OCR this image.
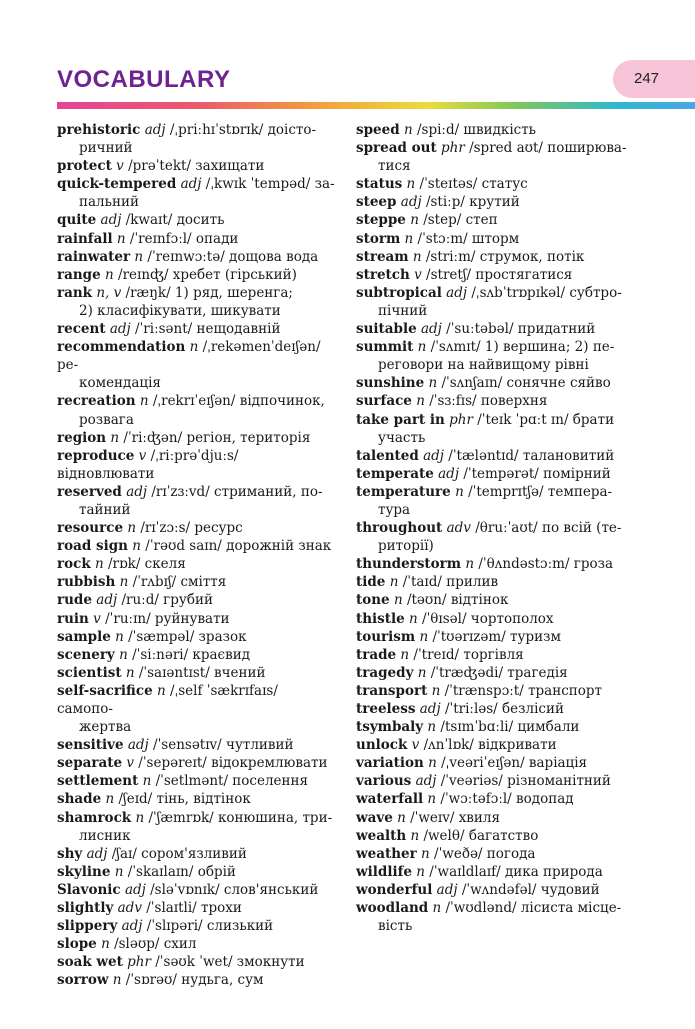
VOCABULARY	247
prehistoric adj /ˌpriːhɪˈstɒrɪk/ доісто-
ричний
protect v /prəˈtekt/ захищати
quick-tempered adj /ˌkwɪk ˈtempəd/ за-
пальний
quite adj /kwaɪt/ досить
rainfall n /ˈreɪnfɔːl/ опади
rainwater n /ˈreɪnwɔːtə/ дощова вода
range n /reɪnʤ/ хребет (гірський)
rank n, v /ræŋk/ 1) ряд, шеренга;
2) класифікувати, шикувати
recent adj /ˈriːsənt/ нещодавній
recommendation n /ˌrekəmenˈdeɪʃən/ ре-
комендація
recreation n /ˌrekrɪˈeɪʃən/ відпочинок,
розвага
region n /ˈriːʤən/ регіон, територія
reproduce v /ˌriːprəˈdjuːs/ відновлювати
reserved adj /rɪˈzɜːvd/ стриманий, по-
тайний
resource n /rɪˈzɔːs/ ресурс
road sign n /ˈrəʊd saɪn/ дорожній знак
rock n /rɒk/ скеля
rubbish n /ˈrʌbɪʃ/ сміття
rude adj /ruːd/ грубий
ruin v /ˈruːɪn/ руйнувати
sample n /ˈsæmpəl/ зразок
scenery n /ˈsiːnəri/ краєвид
scientist n /ˈsaɪəntɪst/ вчений
self-sacrifice n /ˌself ˈsækrɪfaɪs/ самопо-
жертва
sensitive adj /ˈsensətɪv/ чутливий
separate v /ˈsepəreɪt/ відокремлювати
settlement n /ˈsetlmənt/ поселення
shade n /ʃeɪd/ тінь, відтінок
shamrock n /ˈʃæmrɒk/ конюшина, три-
лисник
shy adj /ʃaɪ/ сором'язливий
skyline n /ˈskaɪlaɪn/ обрій
Slavonic adj /sləˈvɒnɪk/ слов'янський
slightly adv /ˈslaɪtli/ трохи
slippery adj /ˈslɪpəri/ слизький
slope n /sləʊp/ схил
soak wet phr /ˈsəʊk ˈwet/ змокнути
sorrow n /ˈsɒrəʊ/ нудьга, сум
speed n /spiːd/ швидкість
spread out phr /spred aʊt/ поширюва-
тися
status n /ˈsteɪtəs/ статус
steep adj /stiːp/ крутий
steppe n /step/ степ
storm n /ˈstɔːm/ шторм
stream n /striːm/ струмок, потік
stretch v /stretʃ/ простягатися
subtropical adj /ˌsʌbˈtrɒpɪkəl/ субтро-
пічний
suitable adj /ˈsuːtəbəl/ придатний
summit n /ˈsʌmɪt/ 1) вершина; 2) пе-
реговори на найвищому рівні
sunshine n /ˈsʌnʃaɪn/ сонячне сяйво
surface n /ˈsɜːfɪs/ поверхня
take part in phr /ˈteɪk ˈpɑːt ɪn/ брати
участь
talented adj /ˈtæləntɪd/ талановитий
temperate adj /ˈtempərət/ помірний
temperature n /ˈtemprɪtʃə/ темпера-
тура
throughout adv /θruːˈaʊt/ по всій (те-
риторії)
thunderstorm n /ˈθʌndəstɔːm/ гроза
tide n /ˈtaɪd/ прилив
tone n /təʊn/ відтінок
thistle n /ˈθɪsəl/ чортополох
tourism n /ˈtʊərɪzəm/ туризм
trade n /ˈtreɪd/ торгівля
tragedy n /ˈtræʤədi/ трагедія
transport n /ˈtrænspɔːt/ транспорт
treeless adj /ˈtriːləs/ безлісий
tsymbaly n /tsɪmˈbɑːli/ цимбали
unlock v /ʌnˈlɒk/ відкривати
variation n /ˌveəriˈeɪʃən/ варіація
various adj /ˈveəriəs/ різноманітний
waterfall n /ˈwɔːtəfɔːl/ водопад
wave n /ˈweɪv/ хвиля
wealth n /welθ/ багатство
weather n /ˈweðə/ погода
wildlife n /ˈwaɪldlaɪf/ дика природа
wonderful adj /ˈwʌndəfəl/ чудовий
woodland n /ˈwʊdlənd/ лісиста місце-
вість
